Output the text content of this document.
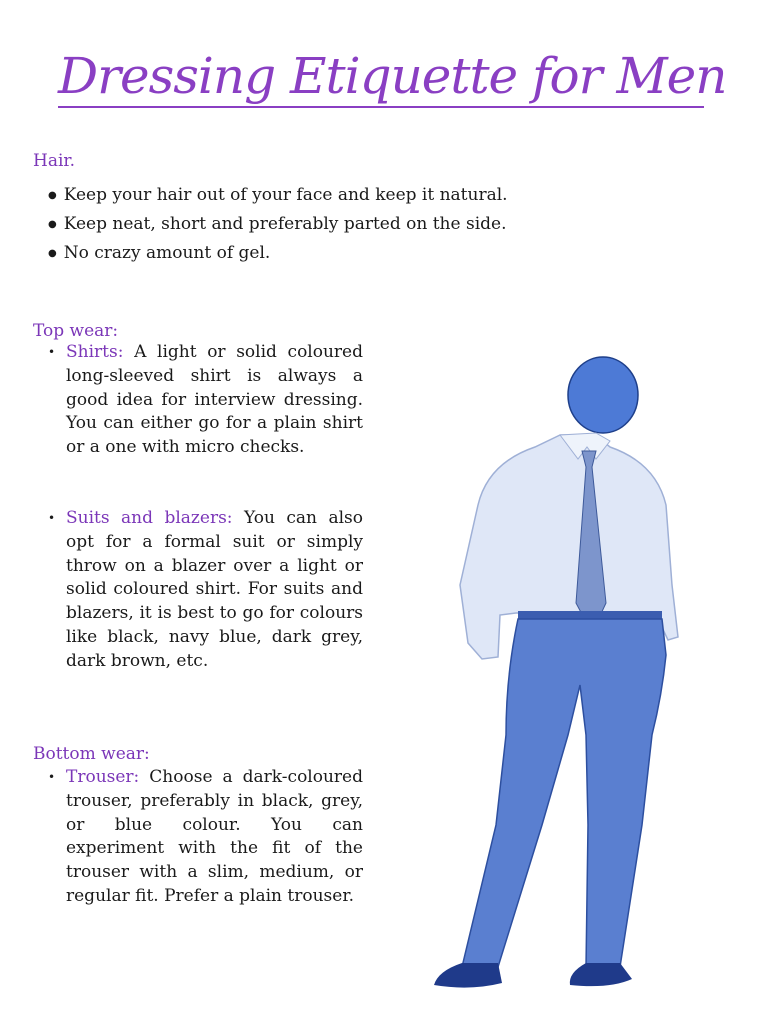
Dressing Etiquette for Men
Hair.
● Keep your hair out of your face and keep it natural.
● Keep neat, short and preferably parted on the side.
● No crazy amount of gel.
Top wear:

• Shirts: A light or solid coloured long-sleeved shirt is always a good idea for interview dressing. You can either go for a plain shirt or a one with micro checks.

• Suits and blazers: You can also opt for a formal suit or simply throw on a blazer over a light or solid coloured shirt. For suits and blazers, it is best to go for colours like black, navy blue, dark grey, dark brown, etc.

Bottom wear:

• Trouser: Choose a dark-coloured trouser, preferably in black, grey, or blue colour. You can experiment with the fit of the trouser with a slim, medium, or regular fit. Prefer a plain trouser.
